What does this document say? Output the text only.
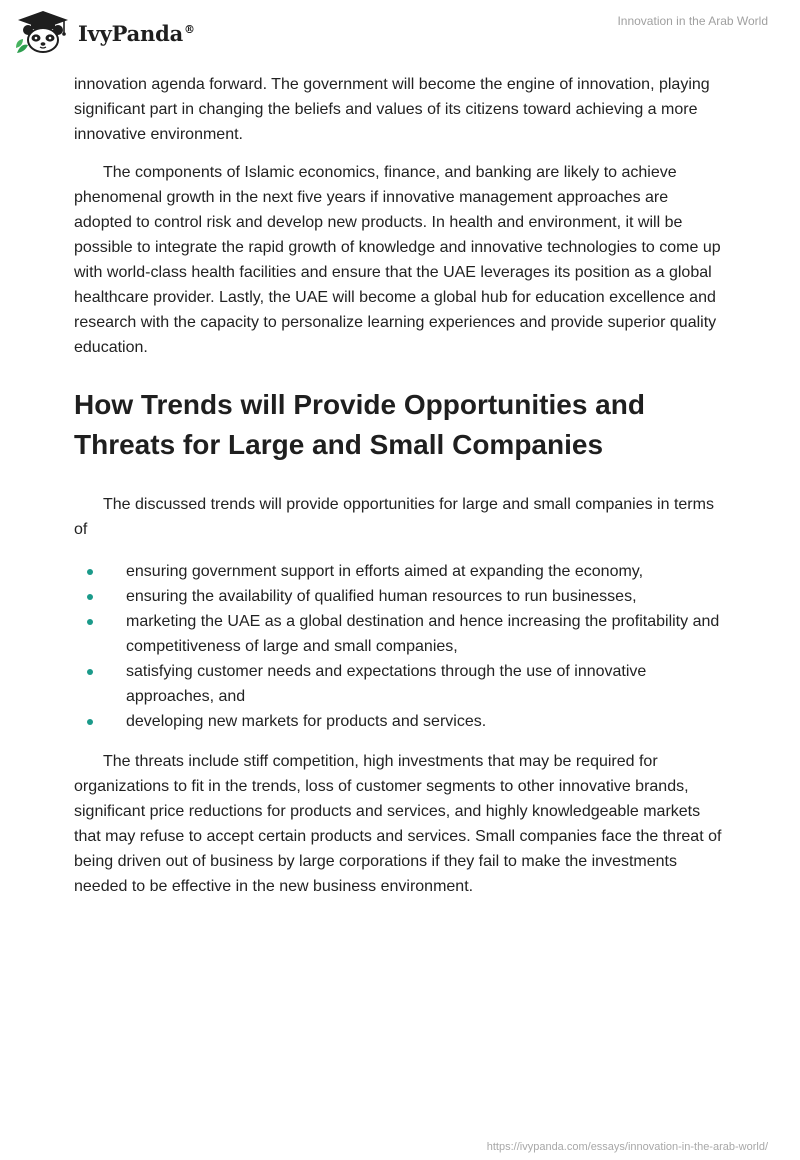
IvyPanda®
Innovation in the Arab World

innovation agenda forward. The government will become the engine of innovation, playing significant part in changing the beliefs and values of its citizens toward achieving a more innovative environment.

The components of Islamic economics, finance, and banking are likely to achieve phenomenal growth in the next five years if innovative management approaches are adopted to control risk and develop new products. In health and environment, it will be possible to integrate the rapid growth of knowledge and innovative technologies to come up with world-class health facilities and ensure that the UAE leverages its position as a global healthcare provider. Lastly, the UAE will become a global hub for education excellence and research with the capacity to personalize learning experiences and provide superior quality education.

How Trends will Provide Opportunities and Threats for Large and Small Companies

The discussed trends will provide opportunities for large and small companies in terms of

ensuring government support in efforts aimed at expanding the economy,
ensuring the availability of qualified human resources to run businesses,
marketing the UAE as a global destination and hence increasing the profitability and competitiveness of large and small companies,
satisfying customer needs and expectations through the use of innovative approaches, and
developing new markets for products and services.

The threats include stiff competition, high investments that may be required for organizations to fit in the trends, loss of customer segments to other innovative brands, significant price reductions for products and services, and highly knowledgeable markets that may refuse to accept certain products and services. Small companies face the threat of being driven out of business by large corporations if they fail to make the investments needed to be effective in the new business environment.

https://ivypanda.com/essays/innovation-in-the-arab-world/
